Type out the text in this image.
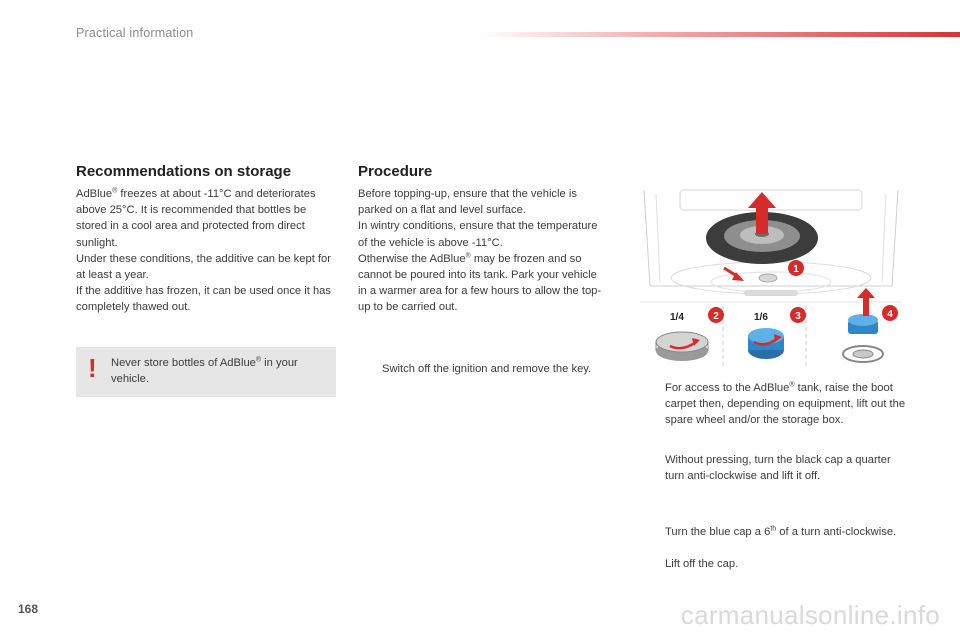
Practical information
Recommendations on storage

AdBlue® freezes at about -11°C and deteriorates above 25°C. It is recommended that bottles be stored in a cool area and protected from direct sunlight.

Under these conditions, the additive can be kept for at least a year.

If the additive has frozen, it can be used once it has completely thawed out.

! Never store bottles of AdBlue® in your vehicle.
Procedure

Before topping-up, ensure that the vehicle is parked on a flat and level surface.

In wintry conditions, ensure that the temperature of the vehicle is above -11°C.

Otherwise the AdBlue® may be frozen and so cannot be poured into its tank. Park your vehicle in a warmer area for a few hours to allow the top-up to be carried out.

Switch off the ignition and remove the key.
1
1/4	2	1/6	3	4
For access to the AdBlue® tank, raise the boot carpet then, depending on equipment, lift out the spare wheel and/or the storage box.
Without pressing, turn the black cap a quarter turn anti-clockwise and lift it off.
Turn the blue cap a 6th of a turn anti-clockwise.
Lift off the cap.
168	carmanualsonline.info
